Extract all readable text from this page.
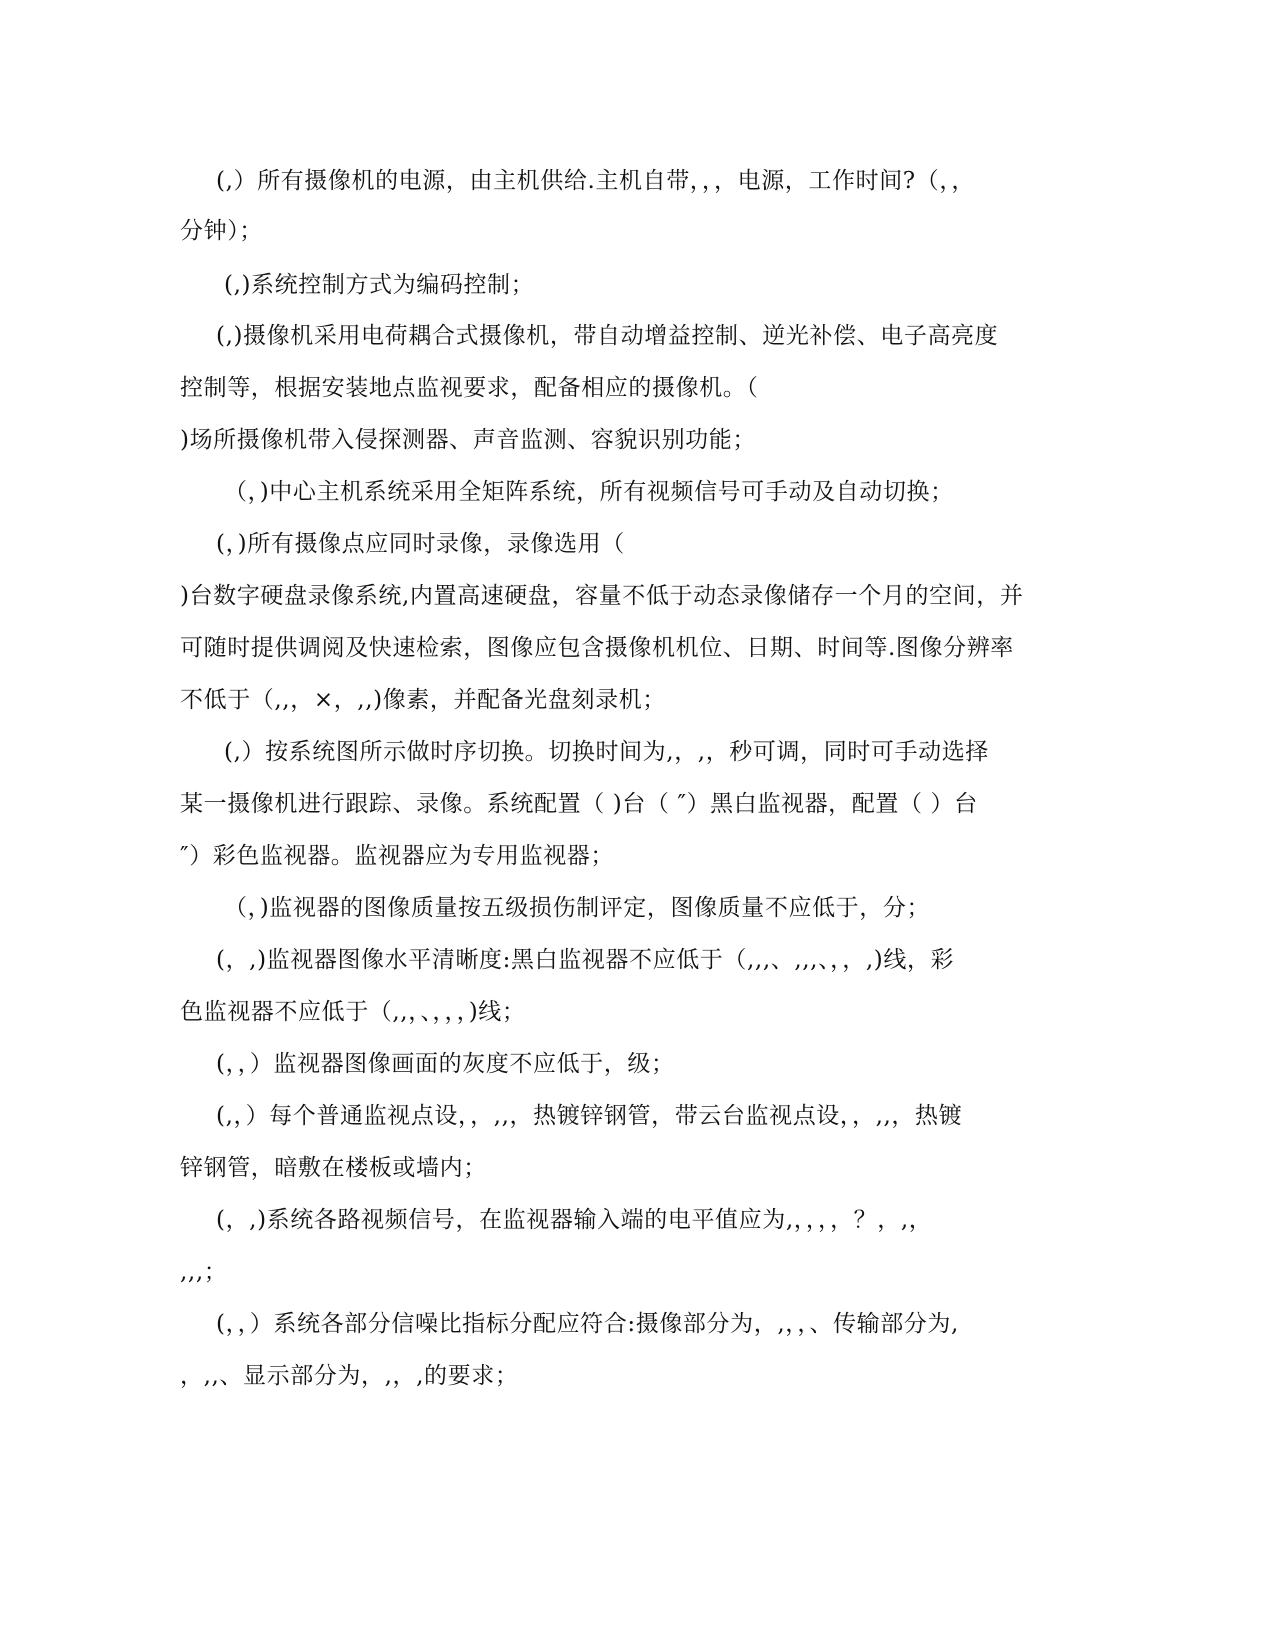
(,）所有摄像机的电源，由主机供给.主机自带，，，电源，工作时间?（，，
分钟）；
(,)系统控制方式为编码控制；
(,)摄像机采用电荷耦合式摄像机，带自动增益控制、逆光补偿、电子高亮度
控制等，根据安装地点监视要求，配备相应的摄像机。（
)场所摄像机带入侵探测器、声音监测、容貌识别功能；
（，)中心主机系统采用全矩阵系统，所有视频信号可手动及自动切换；
(，)所有摄像点应同时录像，录像选用（
)台数字硬盘录像系统,内置高速硬盘，容量不低于动态录像储存一个月的空间，并
可随时提供调阅及快速检索，图像应包含摄像机机位、日期、时间等.图像分辨率
不低于（,,，×，,,)像素，并配备光盘刻录机；
(,）按系统图所示做时序切换。切换时间为,，,，秒可调，同时可手动选择
某一摄像机进行跟踪、录像。系统配置（ )台（ ″）黑白监视器，配置（ ）台
″）彩色监视器。监视器应为专用监视器；
（，)监视器的图像质量按五级损伤制评定，图像质量不应低于，分；
(，,)监视器图像水平清晰度:黑白监视器不应低于（,,,、,,,、，，,)线，彩
色监视器不应低于（,,，、，，，)线；
(，，）监视器图像画面的灰度不应低于，级；
(,，）每个普通监视点设，，,,，热镀锌钢管，带云台监视点设，，,,，热镀
锌钢管，暗敷在楼板或墙内；
(，,)系统各路视频信号，在监视器输入端的电平值应为,，，，，？，,，
,,,；
(，，）系统各部分信噪比指标分配应符合:摄像部分为，,，，、传输部分为,
，,,、显示部分为，,，,的要求；
